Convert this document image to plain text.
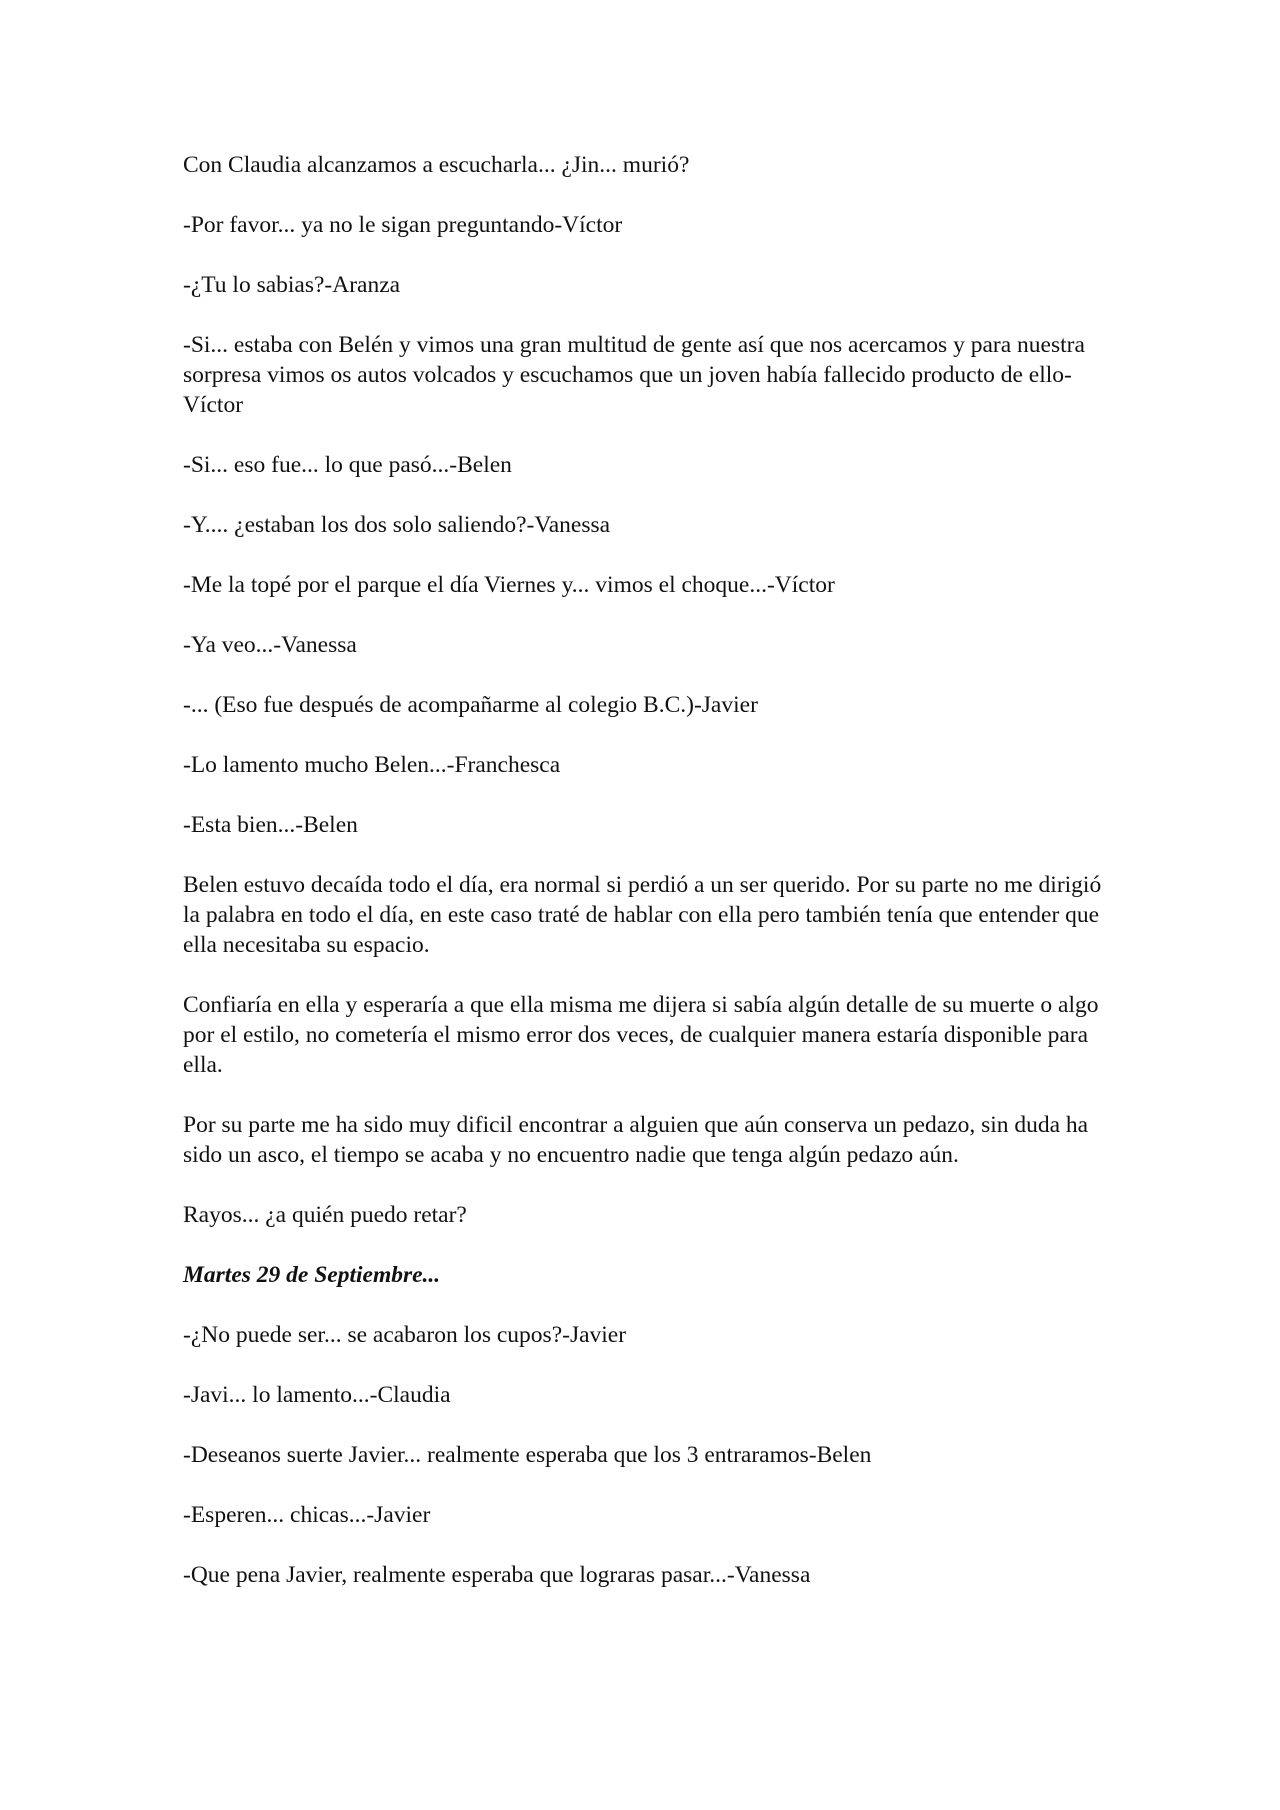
Con Claudia alcanzamos a escucharla... ¿Jin... murió?

-Por favor... ya no le sigan preguntando-Víctor

-¿Tu lo sabias?-Aranza

-Si... estaba con Belén y vimos una gran multitud de gente así que nos acercamos y para nuestra sorpresa vimos os autos volcados y escuchamos que un joven había fallecido producto de ello-Víctor

-Si... eso fue... lo que pasó...-Belen

-Y.... ¿estaban los dos solo saliendo?-Vanessa

-Me la topé por el parque el día Viernes y... vimos el choque...-Víctor

-Ya veo...-Vanessa

-... (Eso fue después de acompañarme al colegio B.C.)-Javier

-Lo lamento mucho Belen...-Franchesca

-Esta bien...-Belen

Belen estuvo decaída todo el día, era normal si perdió a un ser querido. Por su parte no me dirigió la palabra en todo el día, en este caso traté de hablar con ella pero también tenía que entender que ella necesitaba su espacio.

Confiaría en ella y esperaría a que ella misma me dijera si sabía algún detalle de su muerte o algo por el estilo, no cometería el mismo error dos veces, de cualquier manera estaría disponible para ella.

Por su parte me ha sido muy dificil encontrar a alguien que aún conserva un pedazo, sin duda ha sido un asco, el tiempo se acaba y no encuentro nadie que tenga algún pedazo aún.

Rayos... ¿a quién puedo retar?

Martes 29 de Septiembre...

-¿No puede ser... se acabaron los cupos?-Javier

-Javi... lo lamento...-Claudia

-Deseanos suerte Javier... realmente esperaba que los 3 entraramos-Belen

-Esperen... chicas...-Javier

-Que pena Javier, realmente esperaba que lograras pasar...-Vanessa
